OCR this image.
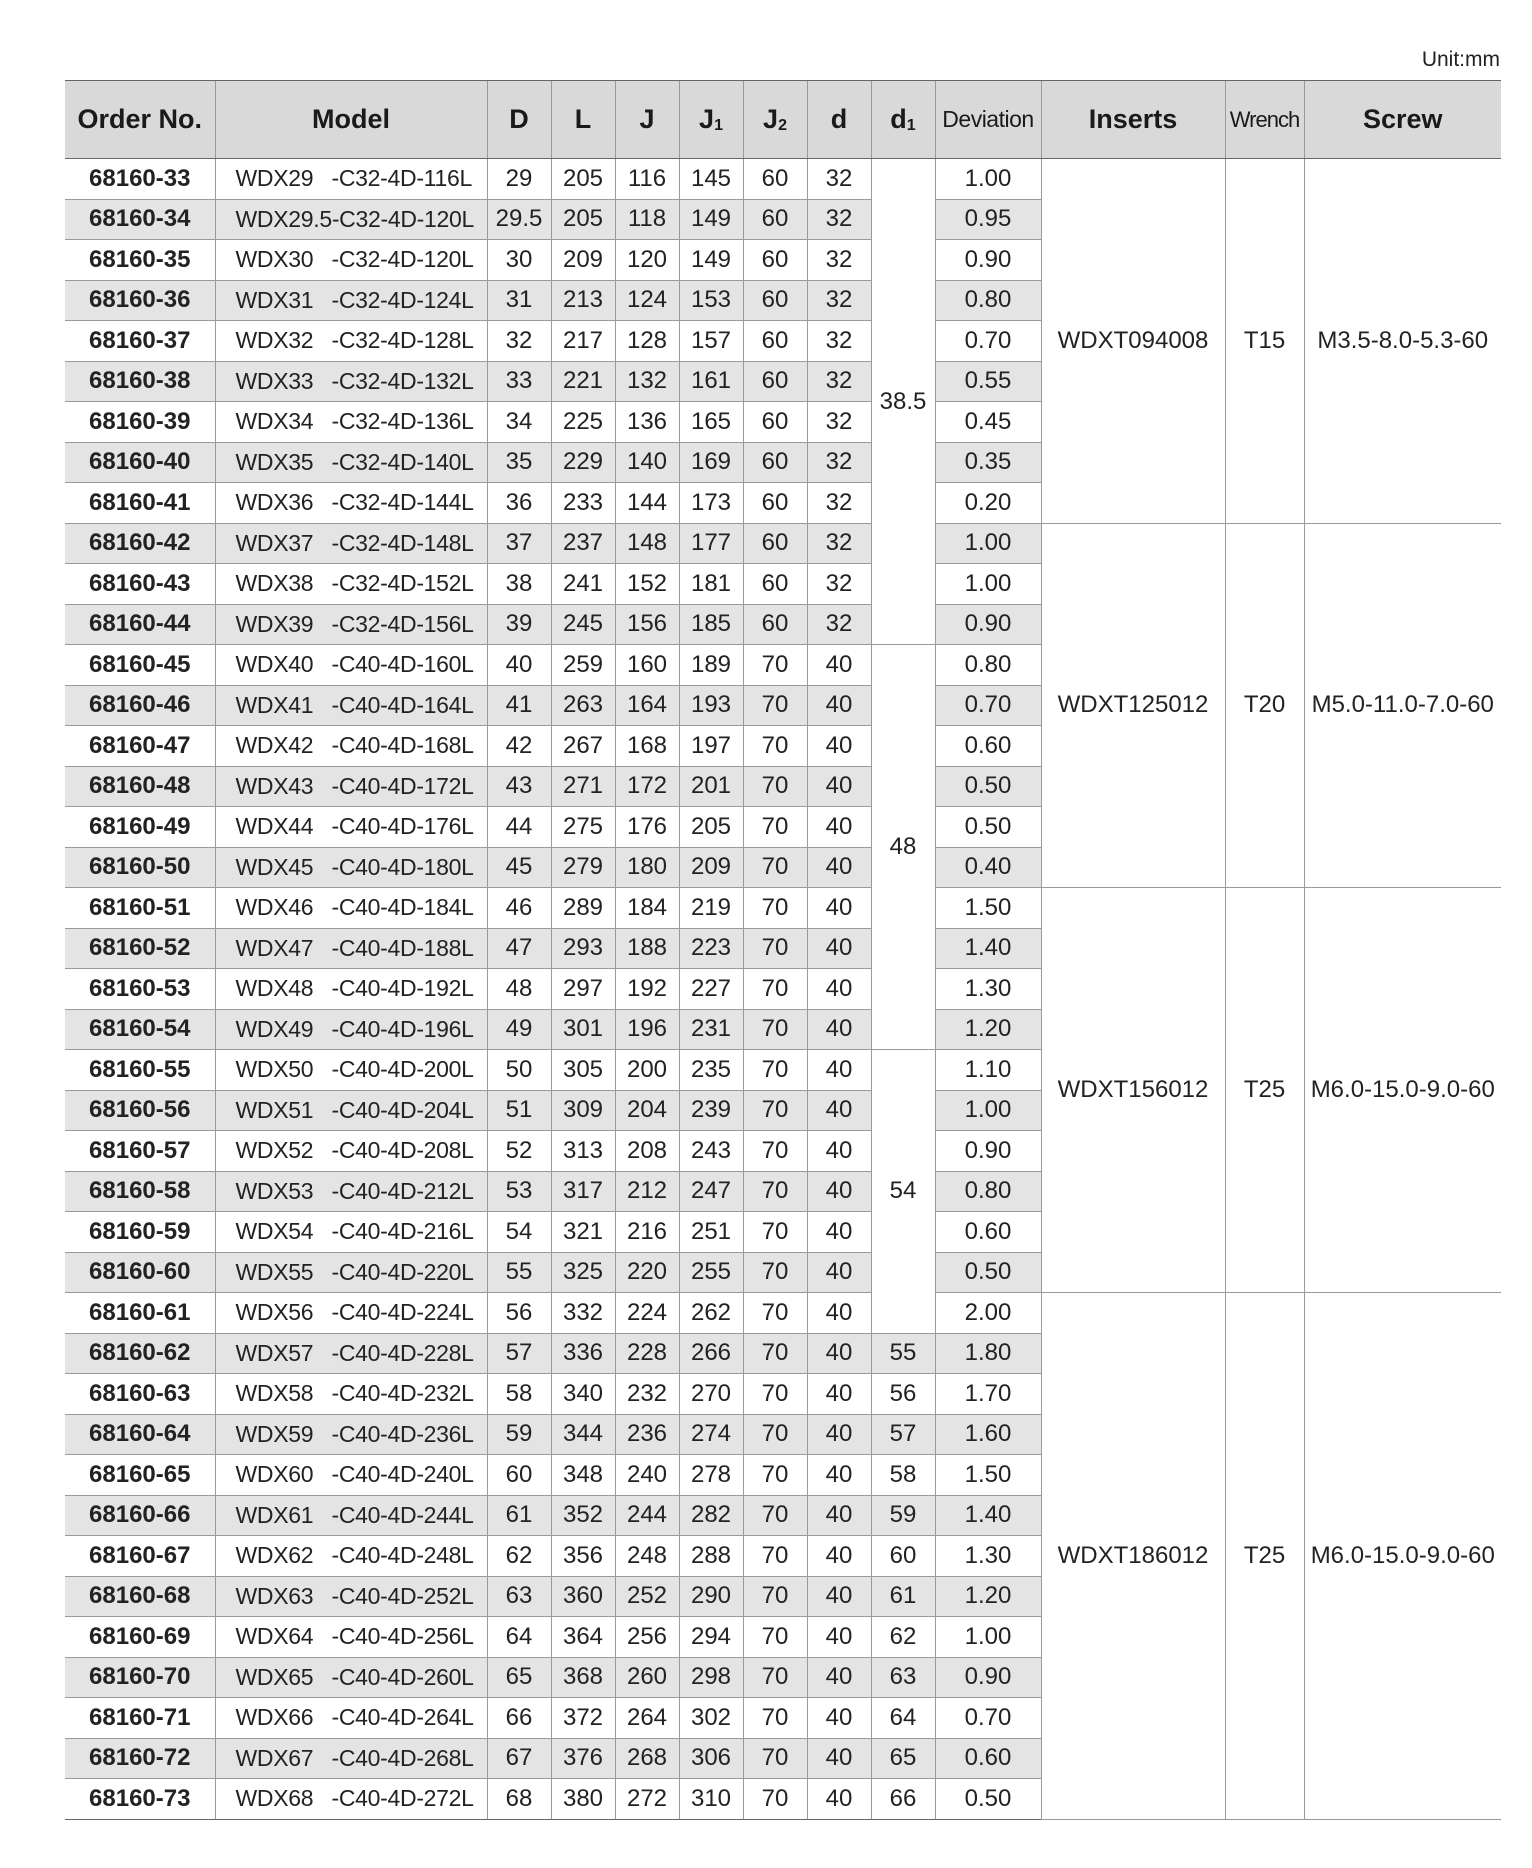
Unit:mm
Order No.	Model	D	L	J	$J_1$	$J_2$	d	$d_1$	Deviation	Inserts	Wrench	Screw
68160-33	WDX29   -C32-4D-116L	29	205	116	145	60	32	38.5	1.00	WDXT094008	T15	M3.5-8.0-5.3-60
68160-34	WDX29.5-C32-4D-120L	29.5	205	118	149	60	32		0.95			
68160-35	WDX30   -C32-4D-120L	30	209	120	149	60	32		0.90			
68160-36	WDX31   -C32-4D-124L	31	213	124	153	60	32		0.80			
68160-37	WDX32   -C32-4D-128L	32	217	128	157	60	32		0.70			
68160-38	WDX33   -C32-4D-132L	33	221	132	161	60	32		0.55			
68160-39	WDX34   -C32-4D-136L	34	225	136	165	60	32		0.45			
68160-40	WDX35   -C32-4D-140L	35	229	140	169	60	32		0.35			
68160-41	WDX36   -C32-4D-144L	36	233	144	173	60	32		0.20			
68160-42	WDX37   -C32-4D-148L	37	237	148	177	60	32		1.00	WDXT125012	T20	M5.0-11.0-7.0-60
68160-43	WDX38   -C32-4D-152L	38	241	152	181	60	32		1.00			
68160-44	WDX39   -C32-4D-156L	39	245	156	185	60	32		0.90			
68160-45	WDX40   -C40-4D-160L	40	259	160	189	70	40	48	0.80			
68160-46	WDX41   -C40-4D-164L	41	263	164	193	70	40		0.70			
68160-47	WDX42   -C40-4D-168L	42	267	168	197	70	40		0.60			
68160-48	WDX43   -C40-4D-172L	43	271	172	201	70	40		0.50			
68160-49	WDX44   -C40-4D-176L	44	275	176	205	70	40		0.50			
68160-50	WDX45   -C40-4D-180L	45	279	180	209	70	40		0.40			
68160-51	WDX46   -C40-4D-184L	46	289	184	219	70	40		1.50	WDXT156012	T25	M6.0-15.0-9.0-60
68160-52	WDX47   -C40-4D-188L	47	293	188	223	70	40		1.40			
68160-53	WDX48   -C40-4D-192L	48	297	192	227	70	40		1.30			
68160-54	WDX49   -C40-4D-196L	49	301	196	231	70	40		1.20			
68160-55	WDX50   -C40-4D-200L	50	305	200	235	70	40	54	1.10			
68160-56	WDX51   -C40-4D-204L	51	309	204	239	70	40		1.00			
68160-57	WDX52   -C40-4D-208L	52	313	208	243	70	40		0.90			
68160-58	WDX53   -C40-4D-212L	53	317	212	247	70	40		0.80			
68160-59	WDX54   -C40-4D-216L	54	321	216	251	70	40		0.60			
68160-60	WDX55   -C40-4D-220L	55	325	220	255	70	40		0.50			
68160-61	WDX56   -C40-4D-224L	56	332	224	262	70	40		2.00	WDXT186012	T25	M6.0-15.0-9.0-60
68160-62	WDX57   -C40-4D-228L	57	336	228	266	70	40	55	1.80			
68160-63	WDX58   -C40-4D-232L	58	340	232	270	70	40	56	1.70			
68160-64	WDX59   -C40-4D-236L	59	344	236	274	70	40	57	1.60			
68160-65	WDX60   -C40-4D-240L	60	348	240	278	70	40	58	1.50			
68160-66	WDX61   -C40-4D-244L	61	352	244	282	70	40	59	1.40			
68160-67	WDX62   -C40-4D-248L	62	356	248	288	70	40	60	1.30			
68160-68	WDX63   -C40-4D-252L	63	360	252	290	70	40	61	1.20			
68160-69	WDX64   -C40-4D-256L	64	364	256	294	70	40	62	1.00			
68160-70	WDX65   -C40-4D-260L	65	368	260	298	70	40	63	0.90			
68160-71	WDX66   -C40-4D-264L	66	372	264	302	70	40	64	0.70			
68160-72	WDX67   -C40-4D-268L	67	376	268	306	70	40	65	0.60			
68160-73	WDX68   -C40-4D-272L	68	380	272	310	70	40	66	0.50			
